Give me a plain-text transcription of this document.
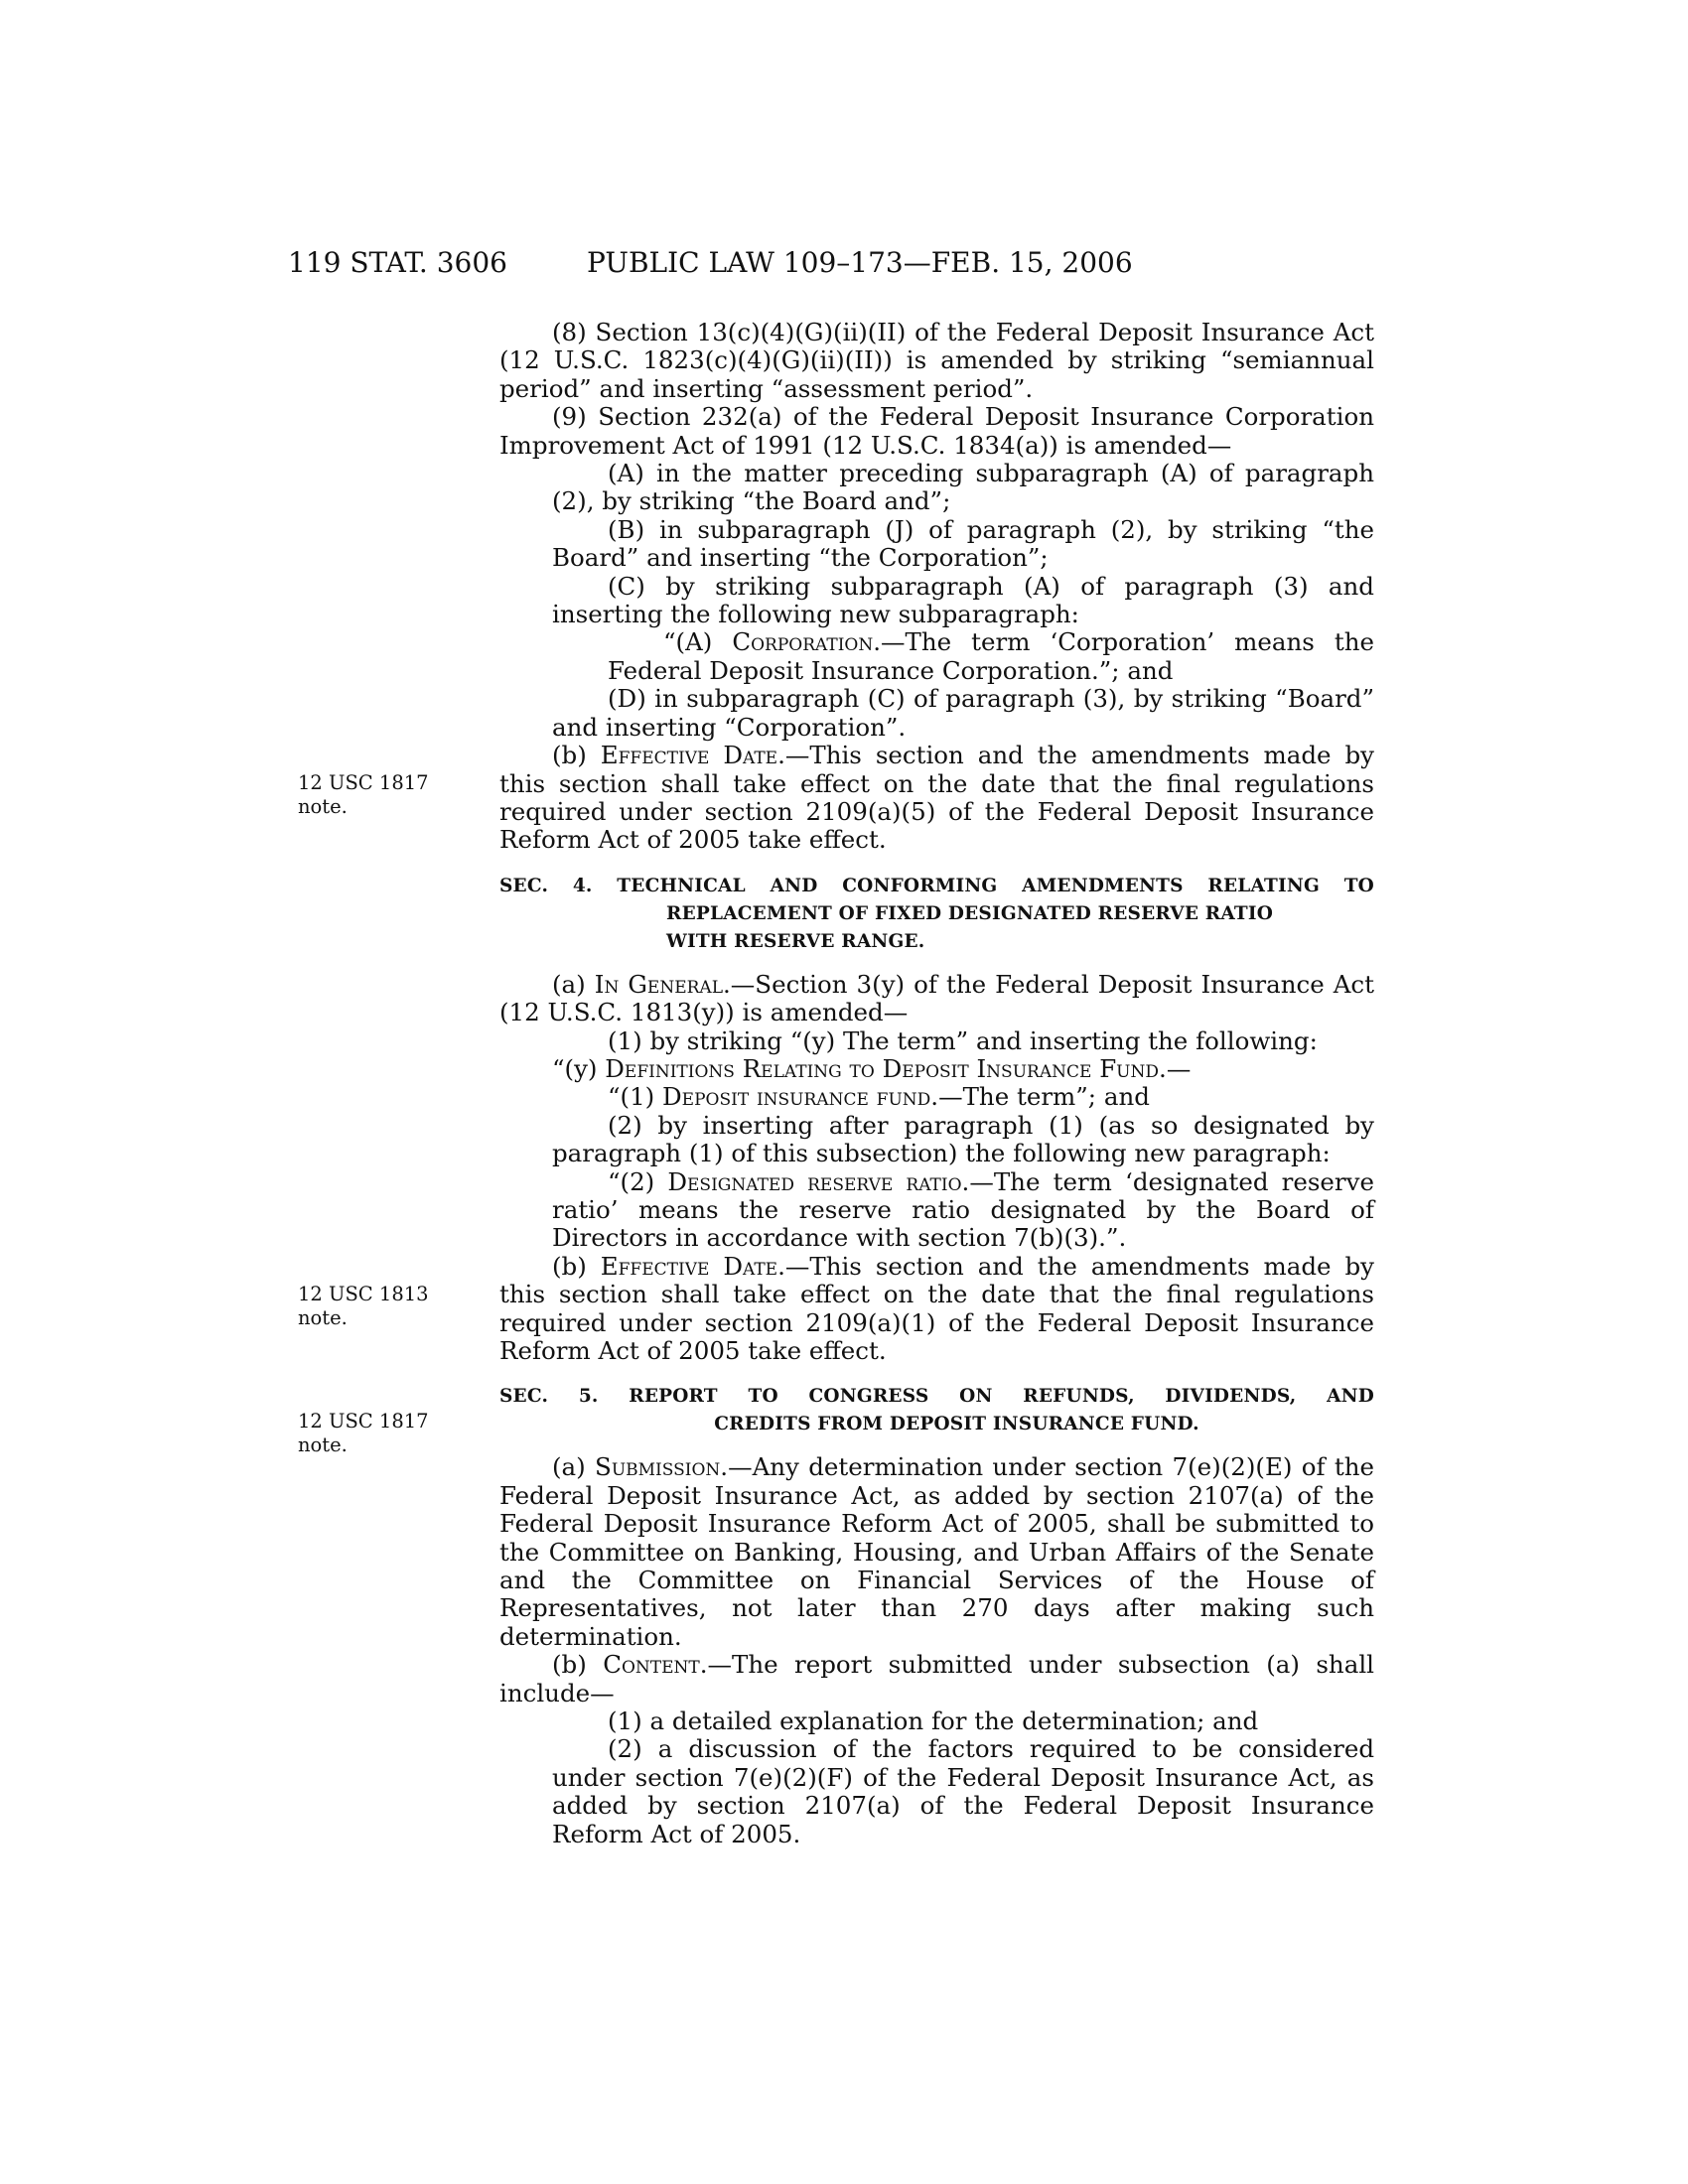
119 STAT. 3606	PUBLIC LAW 109–173—FEB. 15, 2006
12 USC 1817
note.
12 USC 1813
note.
12 USC 1817
note.

(8) Section 13(c)(4)(G)(ii)(II) of the Federal Deposit Insurance Act (12 U.S.C. 1823(c)(4)(G)(ii)(II)) is amended by striking “semiannual period” and inserting “assessment period”.

(9) Section 232(a) of the Federal Deposit Insurance Corporation Improvement Act of 1991 (12 U.S.C. 1834(a)) is amended—

(A) in the matter preceding subparagraph (A) of paragraph (2), by striking “the Board and”;

(B) in subparagraph (J) of paragraph (2), by striking “the Board” and inserting “the Corporation”;

(C) by striking subparagraph (A) of paragraph (3) and inserting the following new subparagraph:

“(A) Corporation.—The term ‘Corporation’ means the Federal Deposit Insurance Corporation.”; and

(D) in subparagraph (C) of paragraph (3), by striking “Board” and inserting “Corporation”.

(b) Effective Date.—This section and the amendments made by this section shall take effect on the date that the final regulations required under section 2109(a)(5) of the Federal Deposit Insurance Reform Act of 2005 take effect.

SEC. 4. TECHNICAL AND CONFORMING AMENDMENTS RELATING TO
REPLACEMENT OF FIXED DESIGNATED RESERVE RATIO
WITH RESERVE RANGE.

(a) In General.—Section 3(y) of the Federal Deposit Insurance Act (12 U.S.C. 1813(y)) is amended—

(1) by striking “(y) The term” and inserting the following:

“(y) Definitions Relating to Deposit Insurance Fund.—

“(1) Deposit insurance fund.—The term”; and

(2) by inserting after paragraph (1) (as so designated by paragraph (1) of this subsection) the following new paragraph:

“(2) Designated reserve ratio.—The term ‘designated reserve ratio’ means the reserve ratio designated by the Board of Directors in accordance with section 7(b)(3).”.

(b) Effective Date.—This section and the amendments made by this section shall take effect on the date that the final regulations required under section 2109(a)(1) of the Federal Deposit Insurance Reform Act of 2005 take effect.

SEC. 5. REPORT TO CONGRESS ON REFUNDS, DIVIDENDS, AND
CREDITS FROM DEPOSIT INSURANCE FUND.

(a) Submission.—Any determination under section 7(e)(2)(E) of the Federal Deposit Insurance Act, as added by section 2107(a) of the Federal Deposit Insurance Reform Act of 2005, shall be submitted to the Committee on Banking, Housing, and Urban Affairs of the Senate and the Committee on Financial Services of the House of Representatives, not later than 270 days after making such determination.

(b) Content.—The report submitted under subsection (a) shall include—

(1) a detailed explanation for the determination; and

(2) a discussion of the factors required to be considered under section 7(e)(2)(F) of the Federal Deposit Insurance Act, as added by section 2107(a) of the Federal Deposit Insurance Reform Act of 2005.
